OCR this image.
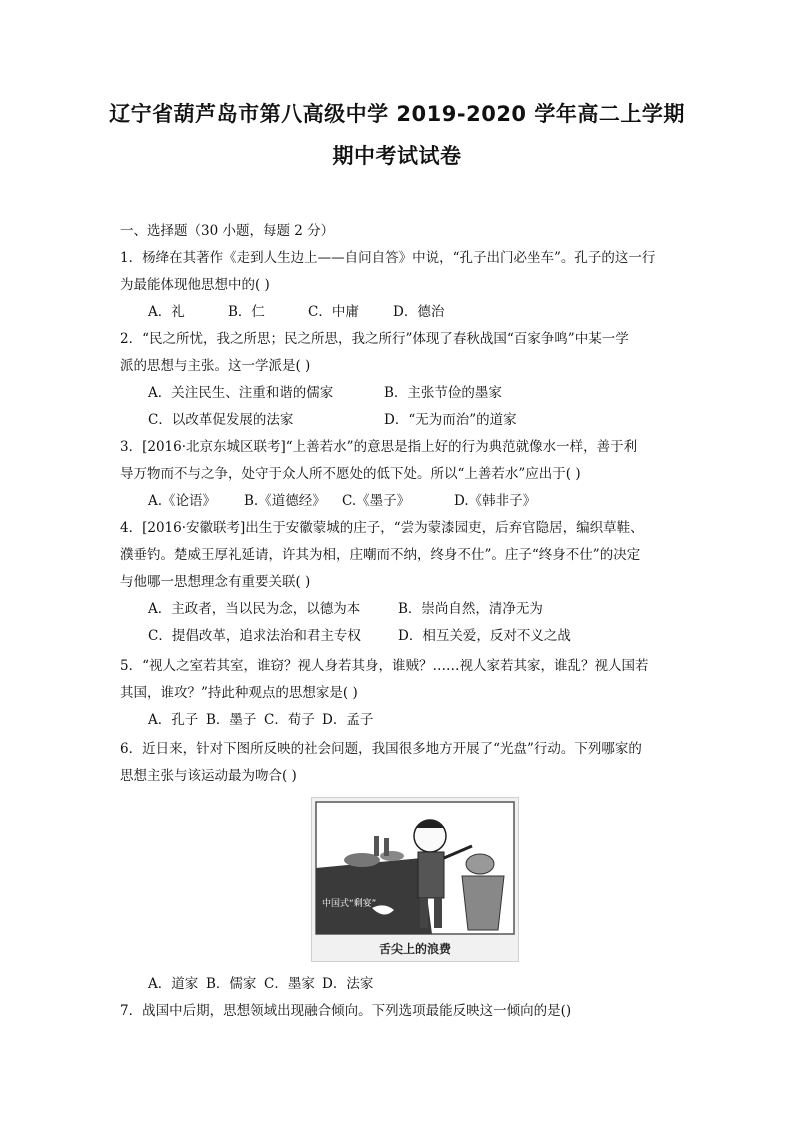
辽宁省葫芦岛市第八高级中学 2019-2020 学年高二上学期
期中考试试卷
一、选择题（30 小题，每题 2 分）
1．杨绛在其著作《走到人生边上——自问自答》中说，“孔子出门必坐车”。孔子的这一行
为最能体现他思想中的( )
A．礼	B．仁	C．中庸	D．德治
2．“民之所忧，我之所思；民之所思，我之所行”体现了春秋战国“百家争鸣”中某一学
派的思想与主张。这一学派是( )
A．关注民生、注重和谐的儒家	B．主张节俭的墨家
C．以改革促发展的法家	D．“无为而治”的道家
3．[2016·北京东城区联考]“上善若水”的意思是指上好的行为典范就像水一样，善于利
导万物而不与之争，处守于众人所不愿处的低下处。所以“上善若水”应出于( )
A.《论语》 B.《道德经》 C.《墨子》	D.《韩非子》
4．[2016·安徽联考]出生于安徽蒙城的庄子，“尝为蒙漆园吏，后弃官隐居，编织草鞋、
濮垂钓。楚威王厚礼延请，许其为相，庄嘲而不纳，终身不仕”。庄子“终身不仕”的决定
与他哪一思想理念有重要关联( )
A．主政者，当以民为念，以德为本	B．崇尚自然，清净无为
C．提倡改革，追求法治和君主专权	D．相互关爱，反对不义之战
5．“视人之室若其室，谁窃？视人身若其身，谁贼？……视人家若其家，谁乱？视人国若
其国，谁攻？”持此种观点的思想家是( )
A．孔子 B．墨子 C．荀子 D．孟子
6．近日来，针对下图所反映的社会问题，我国很多地方开展了“光盘”行动。下列哪家的
思想主张与该运动最为吻合( )
中国式“剩宴”
舌尖上的浪费
A．道家 B．儒家 C．墨家 D．法家
7．战国中后期，思想领域出现融合倾向。下列选项最能反映这一倾向的是()
